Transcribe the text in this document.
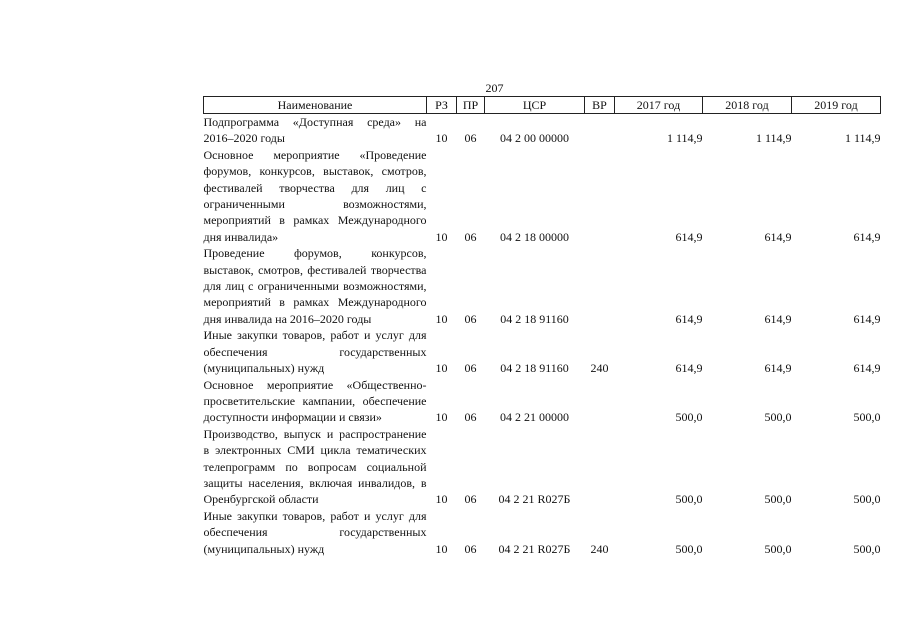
207
Наименование	РЗ	ПР	ЦСР	ВР	2017 год	2018 год	2019 год
Подпрограмма «Доступная среда» на 2016–2020 годы	10	06	04 2 00 00000		1 114,9	1 114,9	1 114,9
Основное мероприятие «Проведение форумов, конкурсов, выставок, смотров, фестивалей творчества для лиц с ограниченными возможностями, мероприятий в рамках Международного дня инвалида»	10	06	04 2 18 00000		614,9	614,9	614,9
Проведение форумов, конкурсов, выставок, смотров, фестивалей творчества для лиц с ограниченными возможностями, мероприятий в рамках Международного дня инвалида на 2016–2020 годы	10	06	04 2 18 91160		614,9	614,9	614,9
Иные закупки товаров, работ и услуг для обеспечения государственных (муниципальных) нужд	10	06	04 2 18 91160	240	614,9	614,9	614,9
Основное мероприятие «Общественно-просветительские кампании, обеспечение доступности информации и связи»	10	06	04 2 21 00000		500,0	500,0	500,0
Производство, выпуск и распространение в электронных СМИ цикла тематических телепрограмм по вопросам социальной защиты населения, включая инвалидов, в Оренбургской области	10	06	04 2 21 R027Б		500,0	500,0	500,0
Иные закупки товаров, работ и услуг для обеспечения государственных (муниципальных) нужд	10	06	04 2 21 R027Б	240	500,0	500,0	500,0
